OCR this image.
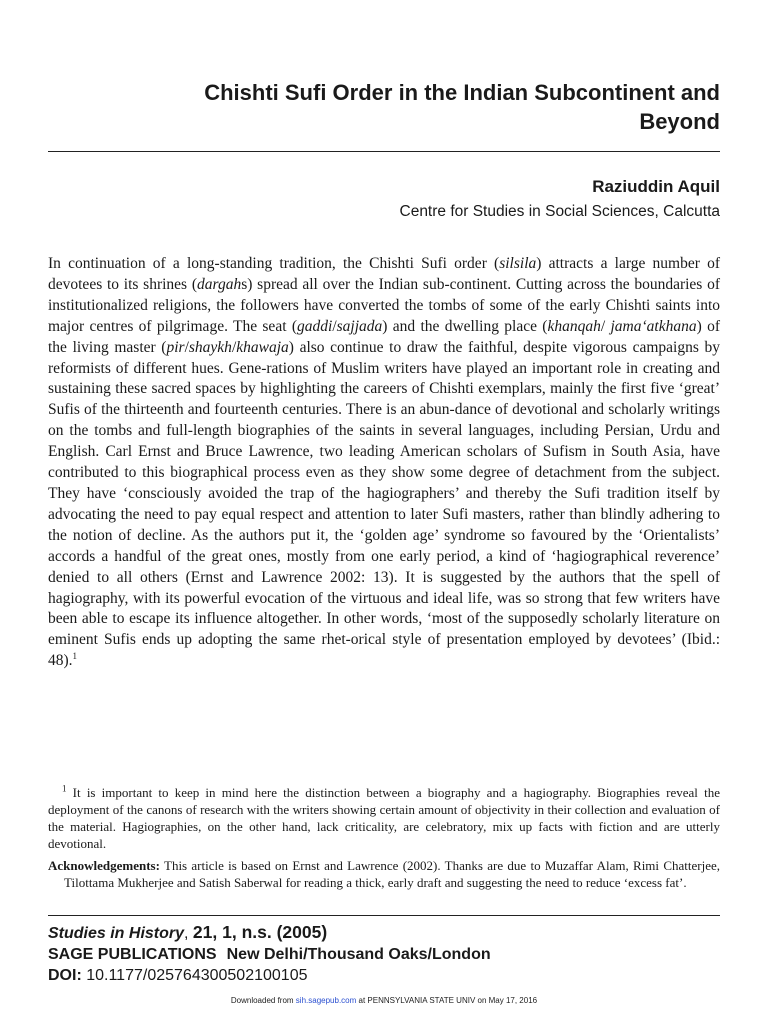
Chishti Sufi Order in the Indian Subcontinent and
Beyond
Raziuddin Aquil
Centre for Studies in Social Sciences, Calcutta

In continuation of a long-standing tradition, the Chishti Sufi order (silsila) attracts a large number of devotees to its shrines (dargahs) spread all over the Indian sub-continent. Cutting across the boundaries of institutionalized religions, the followers have converted the tombs of some of the early Chishti saints into major centres of pilgrimage. The seat (gaddi/sajjada) and the dwelling place (khanqah/ jama‘atkhana) of the living master (pir/shaykh/khawaja) also continue to draw the faithful, despite vigorous campaigns by reformists of different hues. Gene-rations of Muslim writers have played an important role in creating and sustaining these sacred spaces by highlighting the careers of Chishti exemplars, mainly the first five ‘great’ Sufis of the thirteenth and fourteenth centuries. There is an abun-dance of devotional and scholarly writings on the tombs and full-length biographies of the saints in several languages, including Persian, Urdu and English. Carl Ernst and Bruce Lawrence, two leading American scholars of Sufism in South Asia, have contributed to this biographical process even as they show some degree of detachment from the subject. They have ‘consciously avoided the trap of the hagiographers’ and thereby the Sufi tradition itself by advocating the need to pay equal respect and attention to later Sufi masters, rather than blindly adhering to the notion of decline. As the authors put it, the ‘golden age’ syndrome so favoured by the ‘Orientalists’ accords a handful of the great ones, mostly from one early period, a kind of ‘hagiographical reverence’ denied to all others (Ernst and Lawrence 2002: 13). It is suggested by the authors that the spell of hagiography, with its powerful evocation of the virtuous and ideal life, was so strong that few writers have been able to escape its influence altogether. In other words, ‘most of the supposedly scholarly literature on eminent Sufis ends up adopting the same rhet-orical style of presentation employed by devotees’ (Ibid.: 48).$^1$

$^1$ It is important to keep in mind here the distinction between a biography and a hagiography. Biographies reveal the deployment of the canons of research with the writers showing certain amount of objectivity in their collection and evaluation of the material. Hagiographies, on the other hand, lack criticality, are celebratory, mix up facts with fiction and are utterly devotional.

Acknowledgements: This article is based on Ernst and Lawrence (2002). Thanks are due to Muzaffar Alam, Rimi Chatterjee, Tilottama Mukherjee and Satish Saberwal for reading a thick, early draft and suggesting the need to reduce ‘excess fat’.

Studies in History, 21, 1, n.s. (2005)
SAGE PUBLICATIONS New Delhi/Thousand Oaks/London
DOI: 10.1177/025764300502100105
Downloaded from sih.sagepub.com at PENNSYLVANIA STATE UNIV on May 17, 2016
